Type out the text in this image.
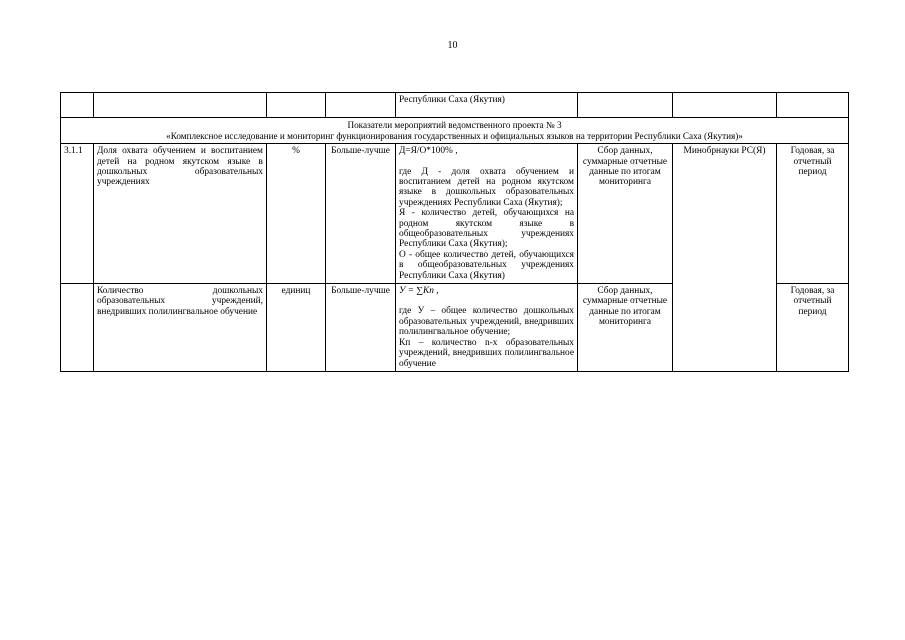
10
				Республики Саха (Якутия)			

Показатели мероприятий ведомственного проекта № 3
«Комплексное исследование и мониторинг функционирования государственных и официальных языков на территории Республики Саха (Якутия)»							

3.1.1	Доля охвата обучением и воспитанием детей на родном якутском языке в дошкольных образовательных учреждениях	%	Больше-лучше	Д=Я/О*100% ,

где Д - доля охвата обучением и воспитанием детей на родном якутском языке в дошкольных образовательных учреждениях Республики Саха (Якутия);

Я - количество детей, обучающихся на родном якутском языке в общеобразовательных учреждениях Республики Саха (Якутия);

О - общее количество детей, обучающихся в общеобразовательных учреждениях Республики Саха (Якутия)	Сбор данных, суммарные отчетные данные по итогам мониторинга	Минобрнауки РС(Я)	Годовая, за отчетный период
	Количество дошкольных образовательных учреждений, внедривших полилингвальное обучение	единиц	Больше-лучше	У = ∑Кп ,

где У – общее количество дошкольных образовательных учреждений, внедривших полилингвальное обучение;

Кп – количество n-х образовательных учреждений, внедривших полилингвальное обучение	Сбор данных, суммарные отчетные данные по итогам мониторинга		Годовая, за отчетный период
